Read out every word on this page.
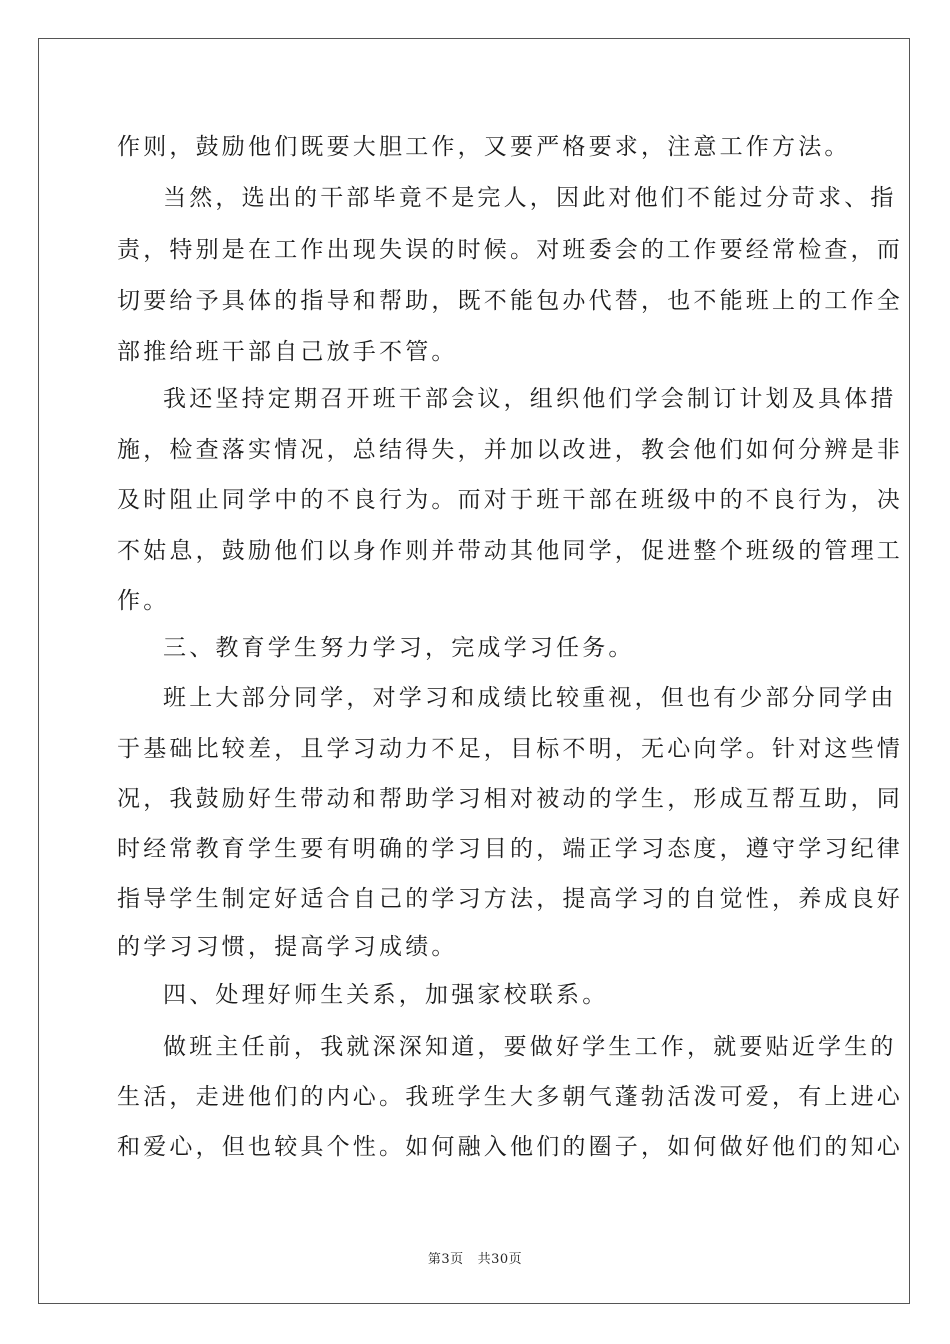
作则，鼓励他们既要大胆工作，又要严格要求，注意工作方法。

当然，选出的干部毕竟不是完人，因此对他们不能过分苛求、指

责，特别是在工作出现失误的时候。对班委会的工作要经常检查，而

切要给予具体的指导和帮助，既不能包办代替，也不能班上的工作全

部推给班干部自己放手不管。

我还坚持定期召开班干部会议，组织他们学会制订计划及具体措

施，检查落实情况，总结得失，并加以改进，教会他们如何分辨是非

及时阻止同学中的不良行为。而对于班干部在班级中的不良行为，决

不姑息，鼓励他们以身作则并带动其他同学，促进整个班级的管理工

作。

三、教育学生努力学习，完成学习任务。

班上大部分同学，对学习和成绩比较重视，但也有少部分同学由

于基础比较差，且学习动力不足，目标不明，无心向学。针对这些情

况，我鼓励好生带动和帮助学习相对被动的学生，形成互帮互助，同

时经常教育学生要有明确的学习目的，端正学习态度，遵守学习纪律

指导学生制定好适合自己的学习方法，提高学习的自觉性，养成良好

的学习习惯，提高学习成绩。

四、处理好师生关系，加强家校联系。

做班主任前，我就深深知道，要做好学生工作，就要贴近学生的

生活，走进他们的内心。我班学生大多朝气蓬勃活泼可爱，有上进心

和爱心，但也较具个性。如何融入他们的圈子，如何做好他们的知心

第3页 共30页
